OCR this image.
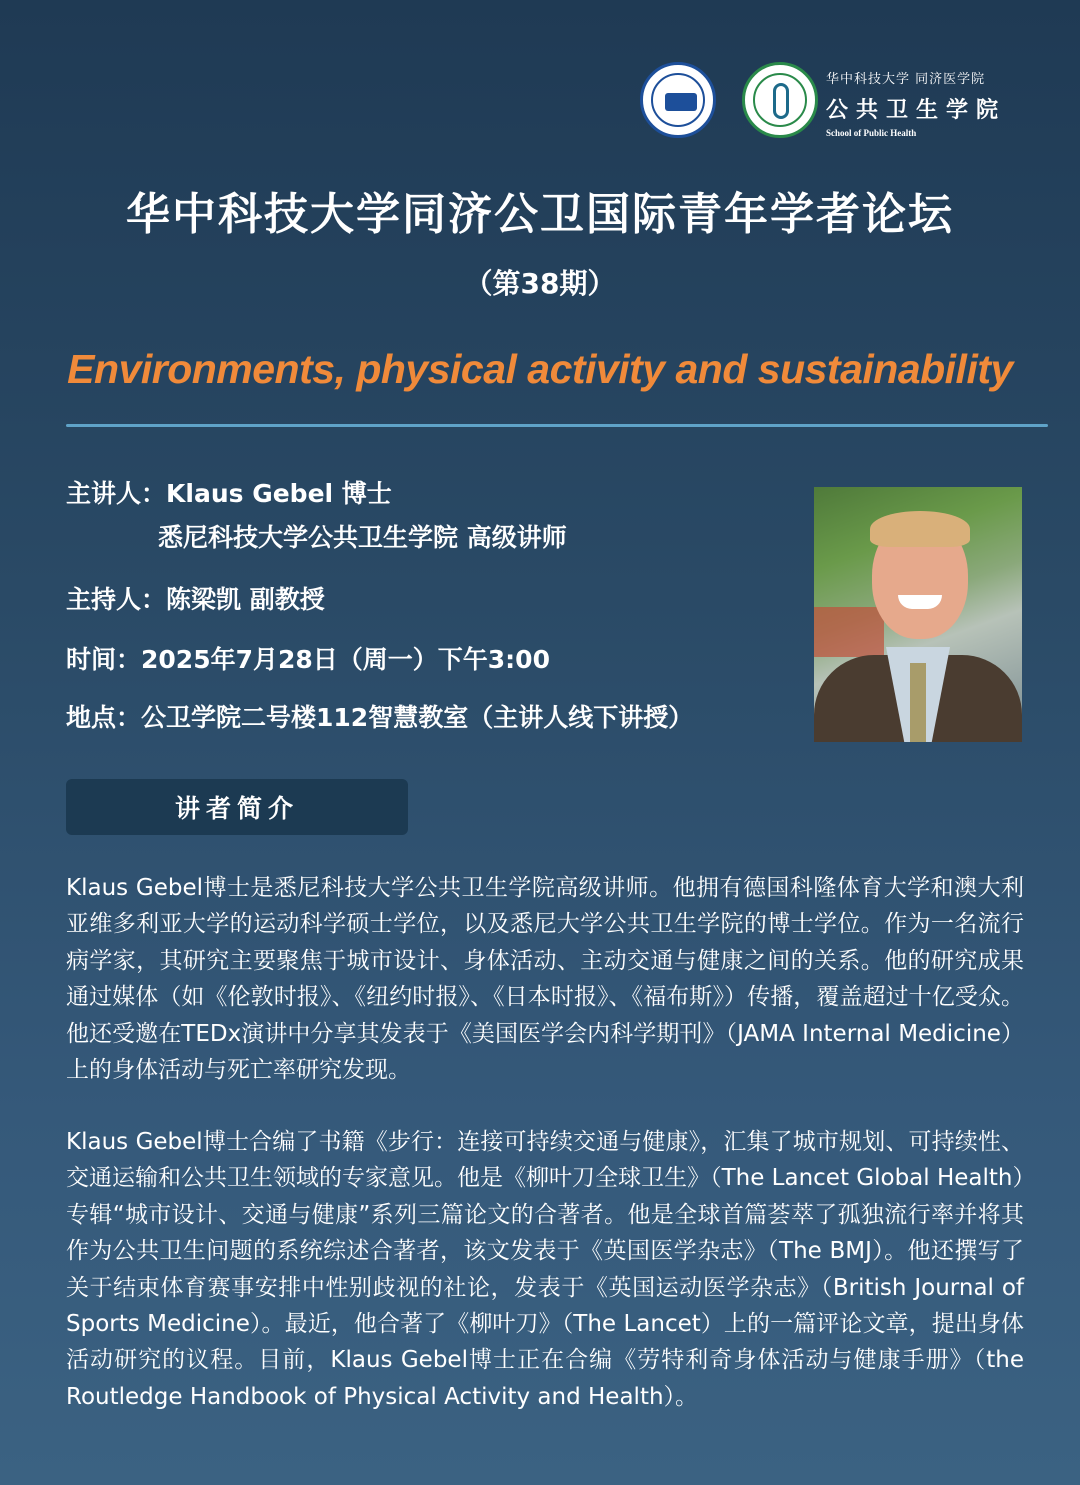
华中科技大学 同济医学院
公共卫生学院
School of Public Health
华中科技大学同济公卫国际青年学者论坛
（第38期）
Environments, physical activity and sustainability
主讲人：Klaus Gebel 博士
悉尼科技大学公共卫生学院 高级讲师
主持人：陈梁凯 副教授
时间：2025年7月28日（周一）下午3:00
地点：公卫学院二号楼112智慧教室（主讲人线下讲授）
讲者简介
Klaus Gebel博士是悉尼科技大学公共卫生学院高级讲师。他拥有德国科隆体育大学和澳大利亚维多利亚大学的运动科学硕士学位，以及悉尼大学公共卫生学院的博士学位。作为一名流行病学家，其研究主要聚焦于城市设计、身体活动、主动交通与健康之间的关系。他的研究成果通过媒体（如《伦敦时报》、《纽约时报》、《日本时报》、《福布斯》）传播，覆盖超过十亿受众。他还受邀在TEDx演讲中分享其发表于《美国医学会内科学期刊》（JAMA Internal Medicine）上的身体活动与死亡率研究发现。
Klaus Gebel博士合编了书籍《步行：连接可持续交通与健康》，汇集了城市规划、可持续性、交通运输和公共卫生领域的专家意见。他是《柳叶刀全球卫生》（The Lancet Global Health）专辑“城市设计、交通与健康”系列三篇论文的合著者。他是全球首篇荟萃了孤独流行率并将其作为公共卫生问题的系统综述合著者，该文发表于《英国医学杂志》（The BMJ）。他还撰写了关于结束体育赛事安排中性别歧视的社论，发表于《英国运动医学杂志》（British Journal of Sports Medicine）。最近，他合著了《柳叶刀》（The Lancet）上的一篇评论文章，提出身体活动研究的议程。目前，Klaus Gebel博士正在合编《劳特利奇身体活动与健康手册》（the Routledge Handbook of Physical Activity and Health）。
